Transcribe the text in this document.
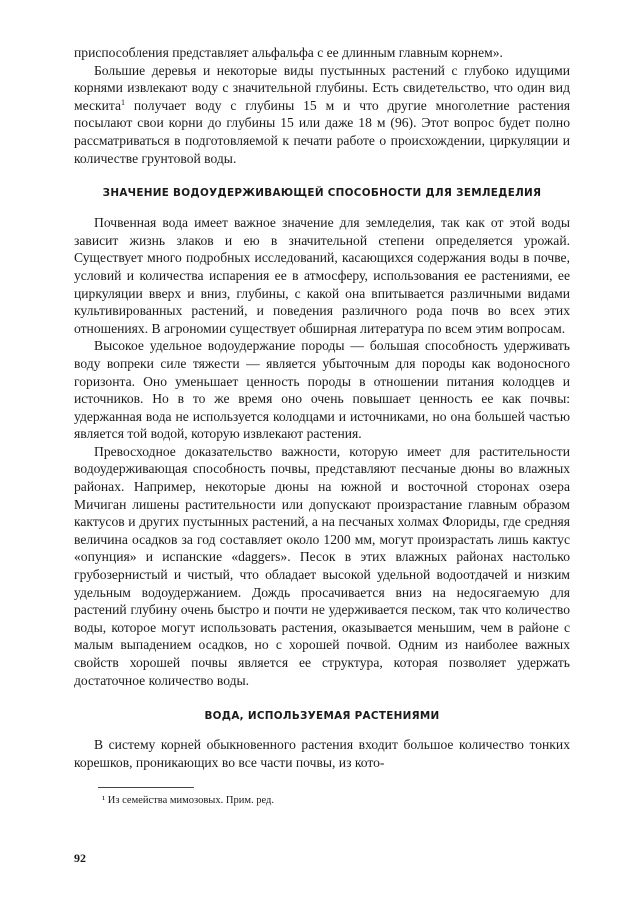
приспособления представляет альфальфа с ее длинным главным корнем».

Большие деревья и некоторые виды пустынных растений с глубоко идущими корнями извлекают воду с значительной глубины. Есть свидетельство, что один вид мескита$^1$ получает воду с глубины 15 м и что другие многолетние растения посылают свои корни до глубины 15 или даже 18 м (96). Этот вопрос будет полно рассматриваться в подготовляемой к печати работе о происхождении, циркуляции и количестве грунтовой воды.

ЗНАЧЕНИЕ ВОДОУДЕРЖИВАЮЩЕЙ СПОСОБНОСТИ ДЛЯ ЗЕМЛЕДЕЛИЯ

Почвенная вода имеет важное значение для земледелия, так как от этой воды зависит жизнь злаков и ею в значительной степени определяется урожай. Существует много подробных исследований, касающихся содержания воды в почве, условий и количества испарения ее в атмосферу, использования ее растениями, ее циркуляции вверх и вниз, глубины, с какой она впитывается различными видами культивированных растений, и поведения различного рода почв во всех этих отношениях. В агрономии существует обширная литература по всем этим вопросам.

Высокое удельное водоудержание породы — большая способность удерживать воду вопреки силе тяжести — является убыточным для породы как водоносного горизонта. Оно уменьшает ценность породы в отношении питания колодцев и источников. Но в то же время оно очень повышает ценность ее как почвы: удержанная вода не используется колодцами и источниками, но она большей частью является той водой, которую извлекают растения.

Превосходное доказательство важности, которую имеет для растительности водоудерживающая способность почвы, представляют песчаные дюны во влажных районах. Например, некоторые дюны на южной и восточной сторонах озера Мичиган лишены растительности или допускают произрастание главным образом кактусов и других пустынных растений, а на песчаных холмах Флориды, где средняя величина осадков за год составляет около 1200 мм, могут произрастать лишь кактус «опунция» и испанские «daggers». Песок в этих влажных районах настолько грубозернистый и чистый, что обладает высокой удельной водоотдачей и низким удельным водоудержанием. Дождь просачивается вниз на недосягаемую для растений глубину очень быстро и почти не удерживается песком, так что количество воды, которое могут использовать растения, оказывается меньшим, чем в районе с малым выпадением осадков, но с хорошей почвой. Одним из наиболее важных свойств хорошей почвы является ее структура, которая позволяет удержать достаточное количество воды.

ВОДА, ИСПОЛЬЗУЕМАЯ РАСТЕНИЯМИ

В систему корней обыкновенного растения входит большое количество тонких корешков, проникающих во все части почвы, из кото-

¹ Из семейства мимозовых. Прим. ред.
92
